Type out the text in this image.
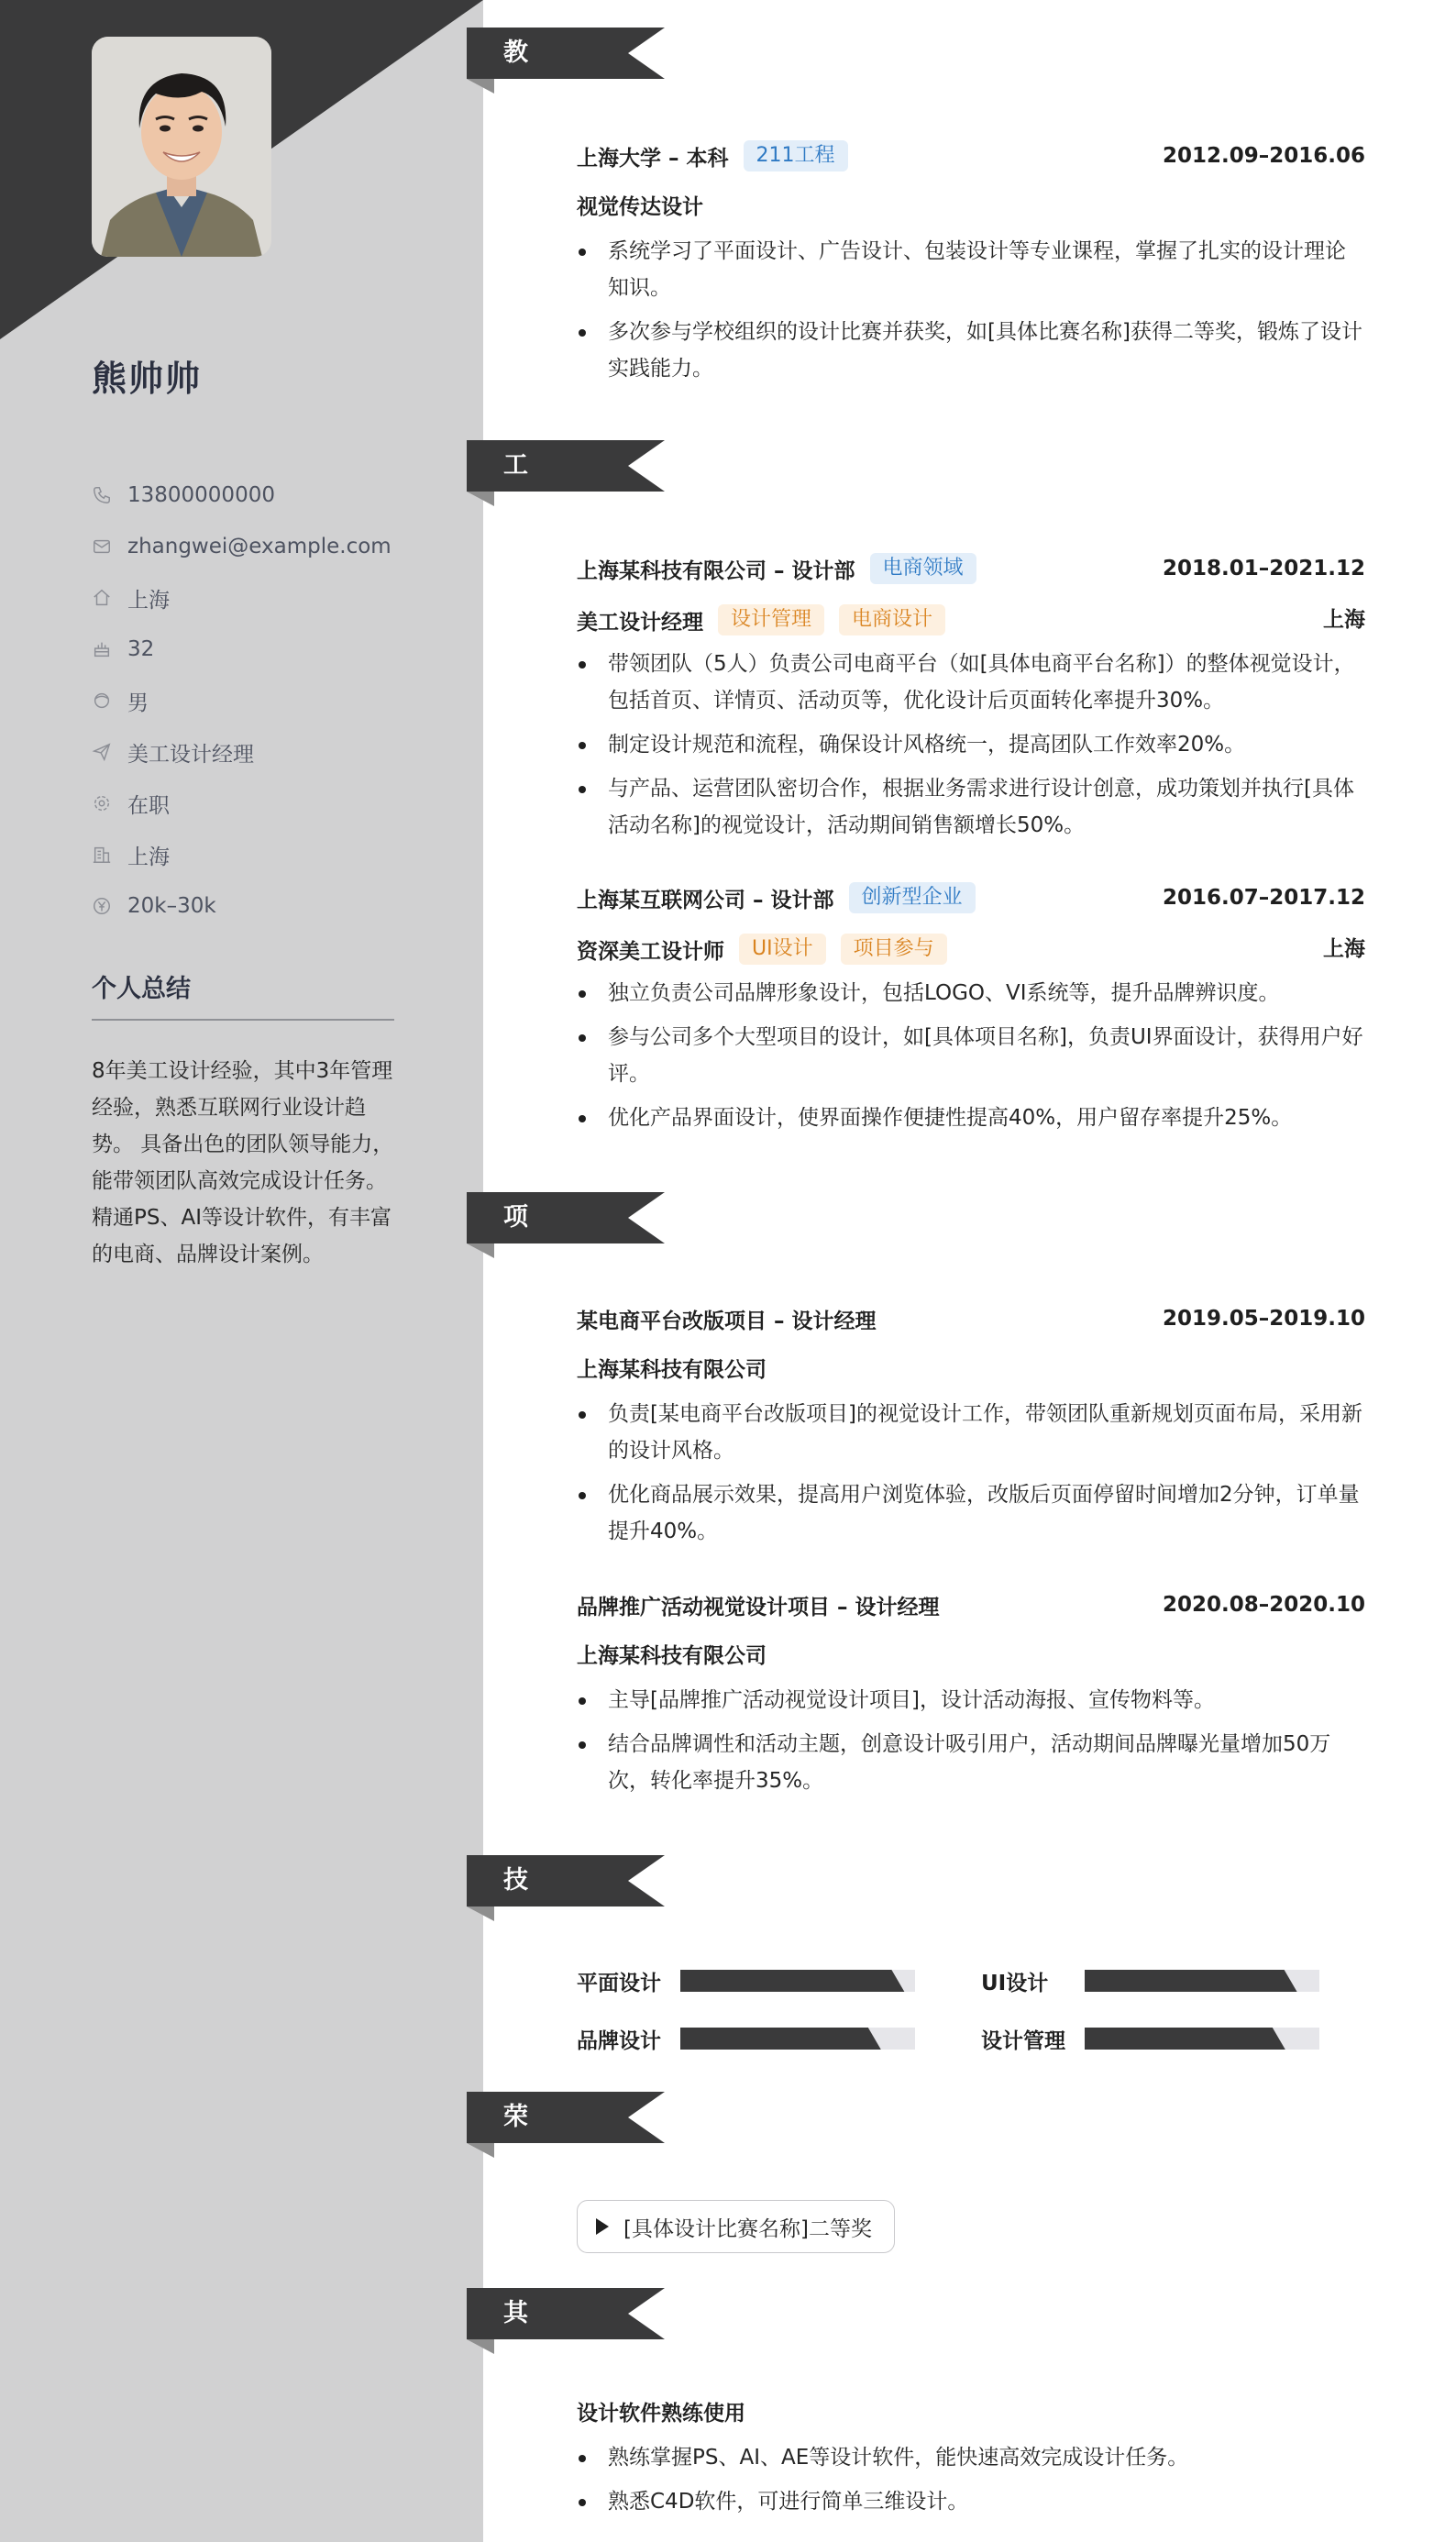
熊帅帅
13800000000
zhangwei@example.com
上海
32
男
美工设计经理
在职
上海
20k–30k
个人总结
8年美工设计经验，其中3年管理经验，熟悉互联网行业设计趋势。 具备出色的团队领导能力，能带领团队高效完成设计任务。 精通PS、AI等设计软件，有丰富的电商、品牌设计案例。
教育经历
工作经历
项目经历
技能专长
荣誉奖项
其他信息
上海大学 – 本科	211工程	2012.09–2016.06
视觉传达设计
系统学习了平面设计、广告设计、包装设计等专业课程，掌握了扎实的设计理论知识。
多次参与学校组织的设计比赛并获奖，如[具体比赛名称]获得二等奖，锻炼了设计实践能力。
上海某科技有限公司 – 设计部	电商领域	2018.01–2021.12
美工设计经理	设计管理	电商设计	上海
带领团队（5人）负责公司电商平台（如[具体电商平台名称]）的整体视觉设计，包括首页、详情页、活动页等，优化设计后页面转化率提升30%。
制定设计规范和流程，确保设计风格统一，提高团队工作效率20%。
与产品、运营团队密切合作，根据业务需求进行设计创意，成功策划并执行[具体活动名称]的视觉设计，活动期间销售额增长50%。
上海某互联网公司 – 设计部	创新型企业	2016.07–2017.12
资深美工设计师	UI设计	项目参与	上海
独立负责公司品牌形象设计，包括LOGO、VI系统等，提升品牌辨识度。
参与公司多个大型项目的设计，如[具体项目名称]，负责UI界面设计，获得用户好评。
优化产品界面设计，使界面操作便捷性提高40%，用户留存率提升25%。
某电商平台改版项目 – 设计经理	2019.05–2019.10
上海某科技有限公司
负责[某电商平台改版项目]的视觉设计工作，带领团队重新规划页面布局，采用新的设计风格。
优化商品展示效果，提高用户浏览体验，改版后页面停留时间增加2分钟，订单量提升40%。
品牌推广活动视觉设计项目 – 设计经理	2020.08–2020.10
上海某科技有限公司
主导[品牌推广活动视觉设计项目]，设计活动海报、宣传物料等。
结合品牌调性和活动主题，创意设计吸引用户，活动期间品牌曝光量增加50万次，转化率提升35%。
平面设计	UI设计
品牌设计	设计管理
[具体设计比赛名称]二等奖
设计软件熟练使用
熟练掌握PS、AI、AE等设计软件，能快速高效完成设计任务。
熟悉C4D软件，可进行简单三维设计。
